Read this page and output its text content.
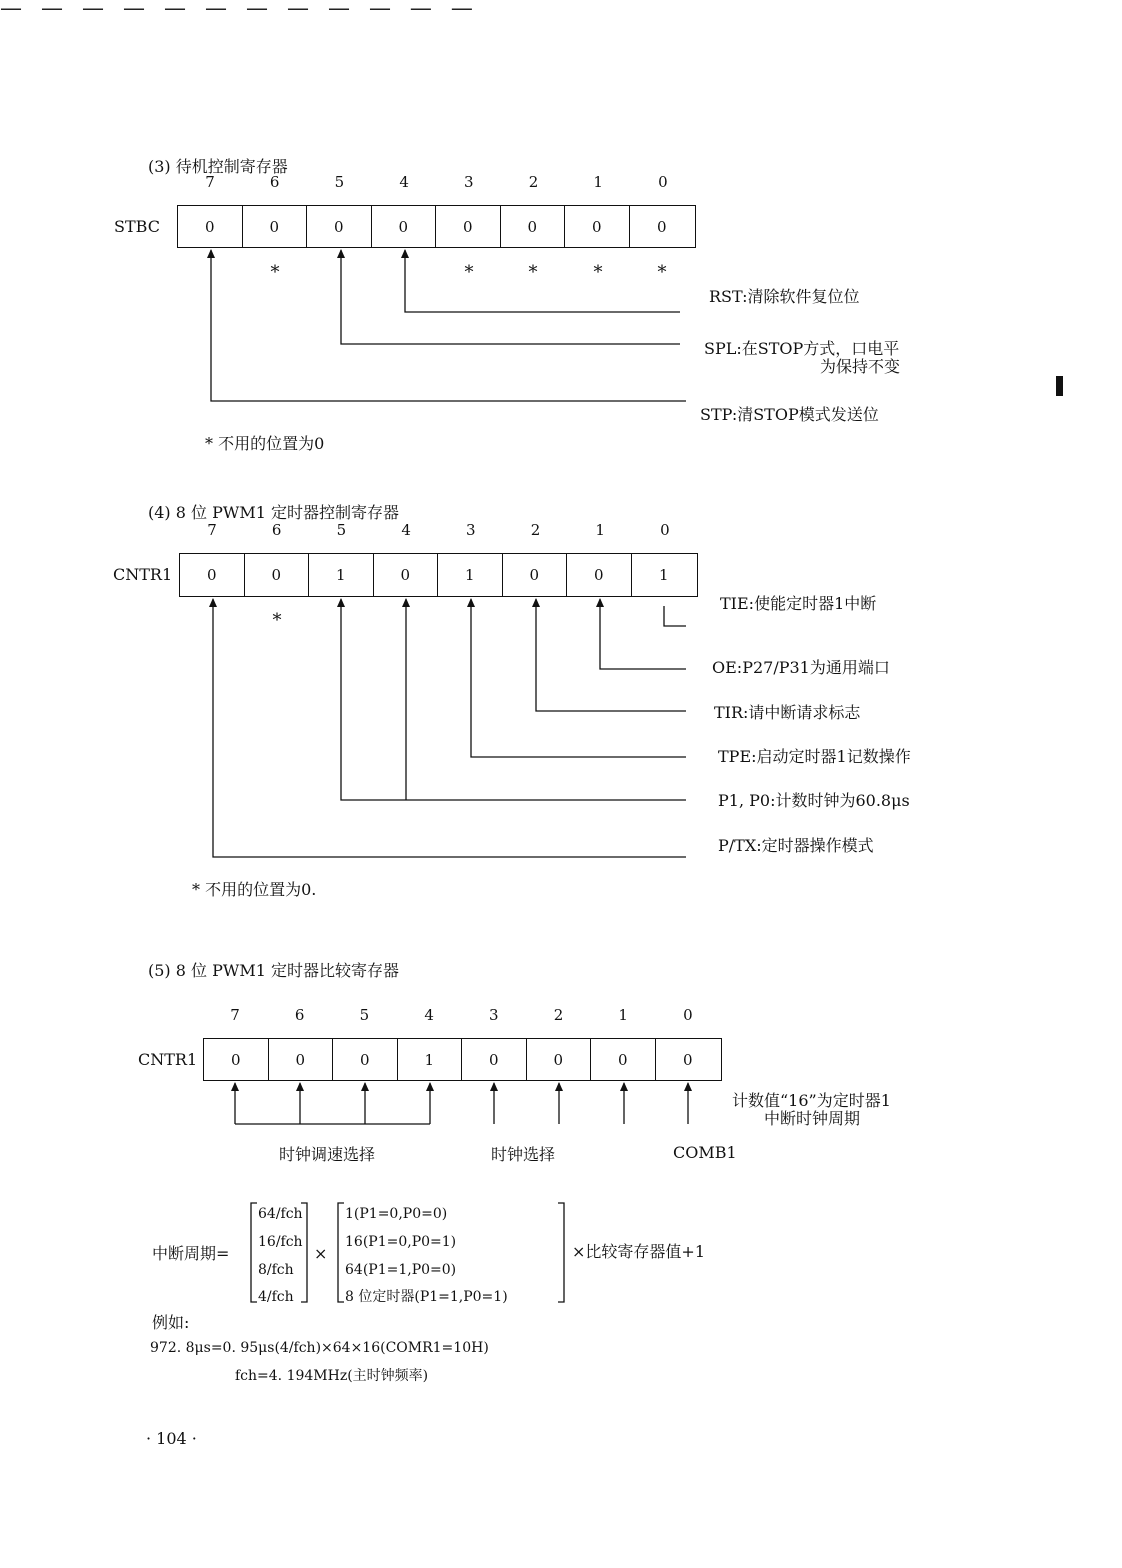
— — — — — — — — — — — —
(3) 待机控制寄存器
7	6	5	4	3	2	1	0
STBC	0	0	0	0	0	0	0	0
*	*	*	*	*
RST:清除软件复位位
SPL:在STOP方式，口电平
为保持不变
STP:清STOP模式发送位
* 不用的位置为0
(4) 8 位 PWM1 定时器控制寄存器
7	6	5	4	3	2	1	0
CNTR1	0	0	1	0	1	0	0	1
*
TIE:使能定时器1中断
OE:P27/P31为通用端口
TIR:请中断请求标志
TPE:启动定时器1记数操作
P1, P0:计数时钟为60.8μs
P/TX:定时器操作模式
* 不用的位置为0.
(5) 8 位 PWM1 定时器比较寄存器
7	6	5	4	3	2	1	0
CNTR1	0	0	0	1	0	0	0	0
计数值“16”为定时器1
中断时钟周期
时钟调速选择	时钟选择	COMB1
中断周期=
64/fch
16/fch
8/fch
4/fch
×
1(P1=0,P0=0)
16(P1=0,P0=1)
64(P1=1,P0=0)
8 位定时器(P1=1,P0=1)
×比较寄存器值+1
例如:
972. 8μs=0. 95μs(4/fch)×64×16(COMR1=10H)
fch=4. 194MHz(主时钟频率)
· 104 ·
